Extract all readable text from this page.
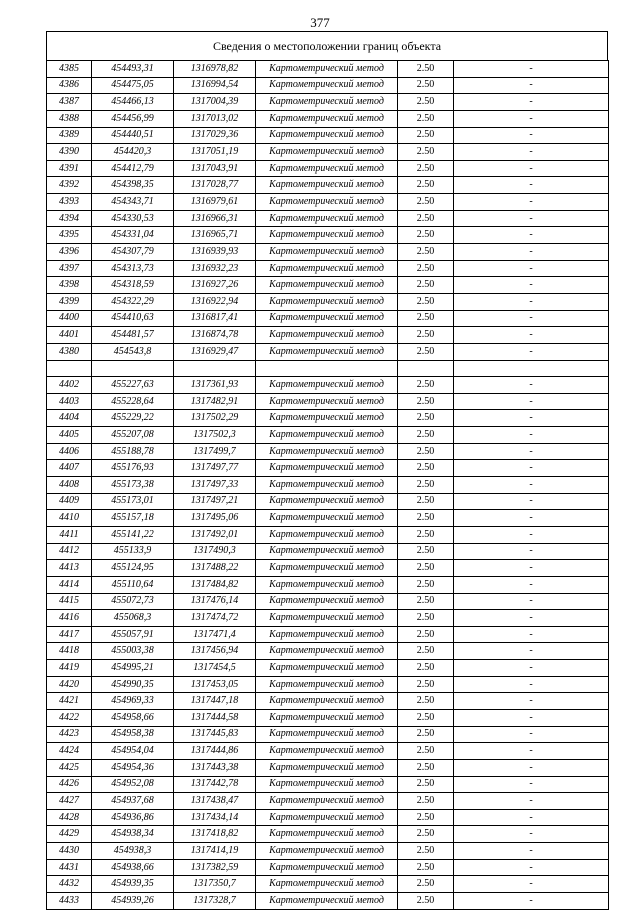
377
Сведения о местоположении границ объекта
4385	454493,31	1316978,82	Картометрический метод	2.50	-
4386	454475,05	1316994,54	Картометрический метод	2.50	-
4387	454466,13	1317004,39	Картометрический метод	2.50	-
4388	454456,99	1317013,02	Картометрический метод	2.50	-
4389	454440,51	1317029,36	Картометрический метод	2.50	-
4390	454420,3	1317051,19	Картометрический метод	2.50	-
4391	454412,79	1317043,91	Картометрический метод	2.50	-
4392	454398,35	1317028,77	Картометрический метод	2.50	-
4393	454343,71	1316979,61	Картометрический метод	2.50	-
4394	454330,53	1316966,31	Картометрический метод	2.50	-
4395	454331,04	1316965,71	Картометрический метод	2.50	-
4396	454307,79	1316939,93	Картометрический метод	2.50	-
4397	454313,73	1316932,23	Картометрический метод	2.50	-
4398	454318,59	1316927,26	Картометрический метод	2.50	-
4399	454322,29	1316922,94	Картометрический метод	2.50	-
4400	454410,63	1316817,41	Картометрический метод	2.50	-
4401	454481,57	1316874,78	Картометрический метод	2.50	-
4380	454543,8	1316929,47	Картометрический метод	2.50	-

4402	455227,63	1317361,93	Картометрический метод	2.50	-
4403	455228,64	1317482,91	Картометрический метод	2.50	-
4404	455229,22	1317502,29	Картометрический метод	2.50	-
4405	455207,08	1317502,3	Картометрический метод	2.50	-
4406	455188,78	1317499,7	Картометрический метод	2.50	-
4407	455176,93	1317497,77	Картометрический метод	2.50	-
4408	455173,38	1317497,33	Картометрический метод	2.50	-
4409	455173,01	1317497,21	Картометрический метод	2.50	-
4410	455157,18	1317495,06	Картометрический метод	2.50	-
4411	455141,22	1317492,01	Картометрический метод	2.50	-
4412	455133,9	1317490,3	Картометрический метод	2.50	-
4413	455124,95	1317488,22	Картометрический метод	2.50	-
4414	455110,64	1317484,82	Картометрический метод	2.50	-
4415	455072,73	1317476,14	Картометрический метод	2.50	-
4416	455068,3	1317474,72	Картометрический метод	2.50	-
4417	455057,91	1317471,4	Картометрический метод	2.50	-
4418	455003,38	1317456,94	Картометрический метод	2.50	-
4419	454995,21	1317454,5	Картометрический метод	2.50	-
4420	454990,35	1317453,05	Картометрический метод	2.50	-
4421	454969,33	1317447,18	Картометрический метод	2.50	-
4422	454958,66	1317444,58	Картометрический метод	2.50	-
4423	454958,38	1317445,83	Картометрический метод	2.50	-
4424	454954,04	1317444,86	Картометрический метод	2.50	-
4425	454954,36	1317443,38	Картометрический метод	2.50	-
4426	454952,08	1317442,78	Картометрический метод	2.50	-
4427	454937,68	1317438,47	Картометрический метод	2.50	-
4428	454936,86	1317434,14	Картометрический метод	2.50	-
4429	454938,34	1317418,82	Картометрический метод	2.50	-
4430	454938,3	1317414,19	Картометрический метод	2.50	-
4431	454938,66	1317382,59	Картометрический метод	2.50	-
4432	454939,35	1317350,7	Картометрический метод	2.50	-
4433	454939,26	1317328,7	Картометрический метод	2.50	-
